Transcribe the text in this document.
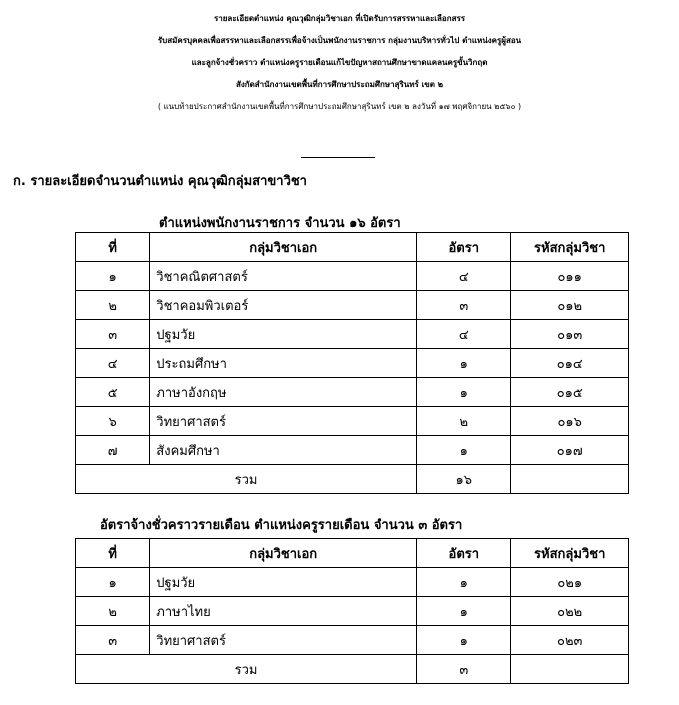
รายละเอียดตำแหน่ง คุณวุฒิกลุ่มวิชาเอก ที่เปิดรับการสรรหาและเลือกสรร
รับสมัครบุคคลเพื่อสรรหาและเลือกสรรเพื่อจ้างเป็นพนักงานราชการ กลุ่มงานบริหารทั่วไป ตำแหน่งครูผู้สอน
และลูกจ้างชั่วคราว ตำแหน่งครูรายเดือนแก้ไขปัญหาสถานศึกษาขาดแคลนครูขั้นวิกฤต
สังกัดสำนักงานเขตพื้นที่การศึกษาประถมศึกษาสุรินทร์ เขต ๒
( แนบท้ายประกาศสำนักงานเขตพื้นที่การศึกษาประถมศึกษาสุรินทร์ เขต ๒ ลงวันที่ ๑๗ พฤศจิกายน ๒๕๖๐ )
ก. รายละเอียดจำนวนตำแหน่ง คุณวุฒิกลุ่มสาขาวิชา
ตำแหน่งพนักงานราชการ จำนวน ๑๖ อัตรา
ที่	กลุ่มวิชาเอก	อัตรา	รหัสกลุ่มวิชา
๑	วิชาคณิตศาสตร์	๔	๐๑๑
๒	วิชาคอมพิวเตอร์	๓	๐๑๒
๓	ปฐมวัย	๔	๐๑๓
๔	ประถมศึกษา	๑	๐๑๔
๕	ภาษาอังกฤษ	๑	๐๑๕
๖	วิทยาศาสตร์	๒	๐๑๖
๗	สังคมศึกษา	๑	๐๑๗
รวม		๑๖	
อัตราจ้างชั่วคราวรายเดือน ตำแหน่งครูรายเดือน จำนวน ๓ อัตรา
ที่	กลุ่มวิชาเอก	อัตรา	รหัสกลุ่มวิชา
๑	ปฐมวัย	๑	๐๒๑
๒	ภาษาไทย	๑	๐๒๒
๓	วิทยาศาสตร์	๑	๐๒๓
รวม		๓	
